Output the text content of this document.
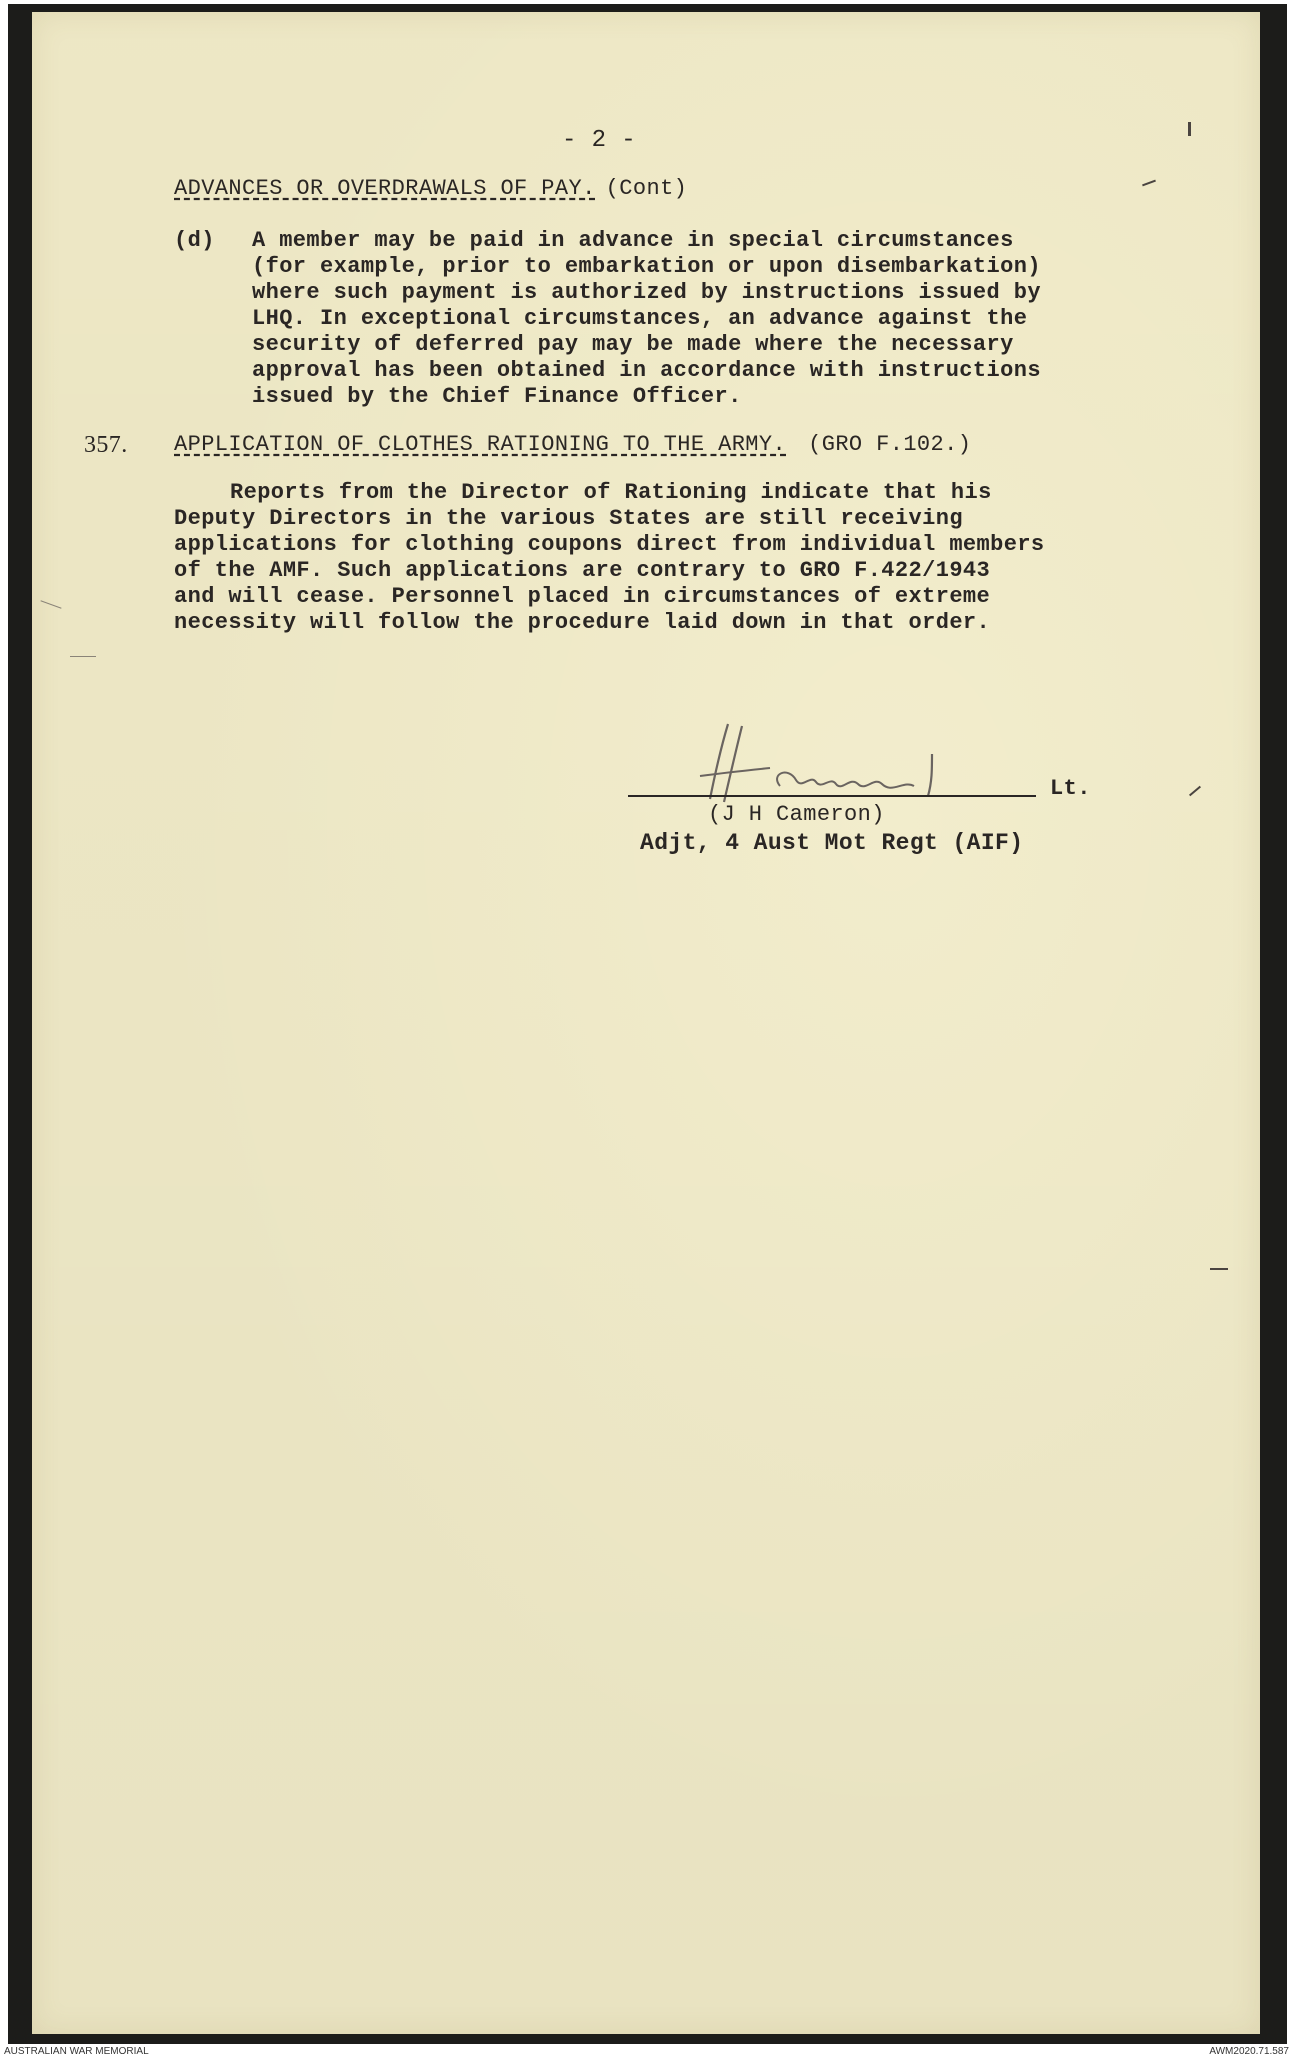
- 2 -
ADVANCES OR OVERDRAWALS OF PAY. (Cont)
(d) A member may be paid in advance in special circumstances
(for example, prior to embarkation or upon disembarkation)
where such payment is authorized by instructions issued by
LHQ. In exceptional circumstances, an advance against the
security of deferred pay may be made where the necessary
approval has been obtained in accordance with instructions
issued by the Chief Finance Officer.
357. APPLICATION OF CLOTHES RATIONING TO THE ARMY. (GRO F.102.)
Reports from the Director of Rationing indicate that his
Deputy Directors in the various States are still receiving
applications for clothing coupons direct from individual members
of the AMF. Such applications are contrary to GRO F.422/1943
and will cease. Personnel placed in circumstances of extreme
necessity will follow the procedure laid down in that order.
Lt.
(J H Cameron)
Adjt, 4 Aust Mot Regt (AIF)
AUSTRALIAN WAR MEMORIAL	AWM2020.71.587
